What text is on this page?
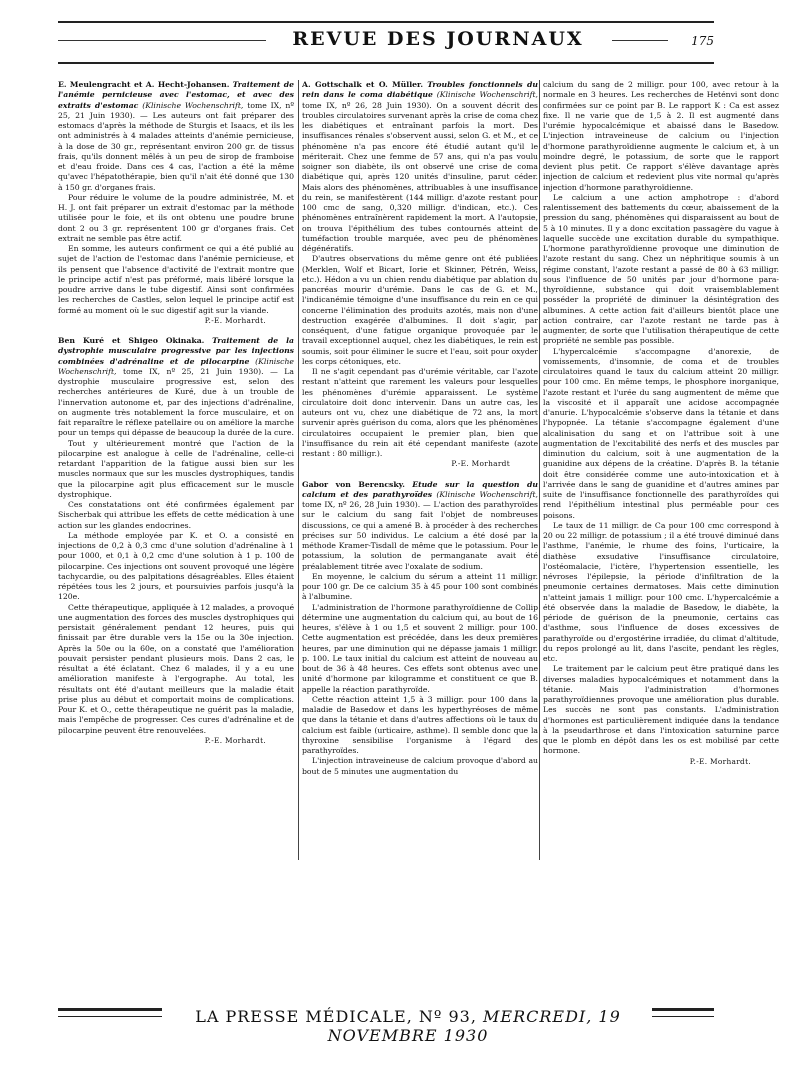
REVUE DES JOURNAUX	175

E. Meulengracht et A. Hecht-Johansen. Traitement de l'anémie pernicieuse avec l'estomac, et avec des extraits d'estomac (Klinische Wochenschrift, tome IX, nº 25, 21 Juin 1930). — Les auteurs ont fait préparer des estomacs d'après la méthode de Sturgis et Isaacs, et ils les ont administrés à 4 malades atteints d'anémie pernicieuse, à la dose de 30 gr., représentant environ 200 gr. de tissus frais, qu'ils donnent mêlés à un peu de sirop de framboise et d'eau froide. Dans ces 4 cas, l'action a été la même qu'avec l'hépatothérapie, bien qu'il n'ait été donné que 130 à 150 gr. d'organes frais.

Pour réduire le volume de la poudre administrée, M. et H. J. ont fait préparer un extrait d'estomac par la méthode utilisée pour le foie, et ils ont obtenu une poudre brune dont 2 ou 3 gr. représentent 100 gr d'organes frais. Cet extrait ne semble pas être actif.

En somme, les auteurs confirment ce qui a été publié au sujet de l'action de l'estomac dans l'anémie pernicieuse, et ils pensent que l'absence d'activité de l'extrait montre que le principe actif n'est pas préformé, mais libéré lorsque la poudre arrive dans le tube digestif. Ainsi sont confirmées les recherches de Castles, selon lequel le principe actif est formé au moment où le suc digestif agit sur la viande.

P.-E. Morhardt.

Ben Kuré et Shigeo Okinaka. Traitement de la dystrophie musculaire progressive par les injections combinées d'adrénaline et de pilocarpine (Klinische Wochenschrift, tome IX, nº 25, 21 Juin 1930). — La dystrophie musculaire progressive est, selon des recherches antérieures de Kuré, due à un trouble de l'innervation autonome et, par des injections d'adrénaline, on augmente très notablement la force musculaire, et on fait reparaître le réflexe patellaire ou on améliore la marche pour un temps qui dépasse de beaucoup la durée de la cure.

Tout y ultérieurement montré que l'action de la pilocarpine est analogue à celle de l'adrénaline, celle-ci retardant l'apparition de la fatigue aussi bien sur les muscles normaux que sur les muscles dystrophiques, tandis que la pilocarpine agit plus efficacement sur le muscle dystrophique.

Ces constatations ont été confirmées également par Sischerbak qui attribue les effets de cette médication à une action sur les glandes endocrines.

La méthode employée par K. et O. a consisté en injections de 0,2 à 0,3 cmc d'une solution d'adrénaline à 1 pour 1000, et 0,1 à 0,2 cmc d'une solution à 1 p. 100 de pilocarpine. Ces injections ont souvent provoqué une légère tachycardie, ou des palpitations désagréables. Elles étaient répétées tous les 2 jours, et poursuivies parfois jusqu'à la 120e.

Cette thérapeutique, appliquée à 12 malades, a provoqué une augmentation des forces des muscles dystrophiques qui persistait généralement pendant 12 heures, puis qui finissait par être durable vers la 15e ou la 30e injection. Après la 50e ou la 60e, on a constaté que l'amélioration pouvait persister pendant plusieurs mois. Dans 2 cas, le résultat a été éclatant. Chez 6 malades, il y a eu une amélioration manifeste à l'ergographe. Au total, les résultats ont été d'autant meilleurs que la maladie était prise plus au début et comportait moins de complications. Pour K. et O., cette thérapeutique ne guérit pas la maladie, mais l'empêche de progresser. Ces cures d'adrénaline et de pilocarpine peuvent être renouvelées.

P.-E. Morhardt.

A. Gottschalk et O. Müller. Troubles fonctionnels du rein dans le coma diabétique (Klinische Wochenschrift, tome IX, nº 26, 28 Juin 1930). On a souvent décrit des troubles circulatoires survenant après la crise de coma chez les diabétiques et entraînant parfois la mort. Des insuffisances rénales s'observent aussi, selon G. et M., et ce phénomène n'a pas encore été étudié autant qu'il le mériterait. Chez une femme de 57 ans, qui n'a pas voulu soigner son diabète, ils ont observé une crise de coma diabétique qui, après 120 unités d'insuline, parut céder. Mais alors des phénomènes, attribuables à une insuffisance du rein, se manifestèrent (144 milligr. d'azote restant pour 100 cmc de sang, 0,320 milligr. d'indican, etc.). Ces phénomènes entraînèrent rapidement la mort. A l'autopsie, on trouva l'épithélium des tubes contournés atteint de tuméfaction trouble marquée, avec peu de phénomènes dégénératifs.

D'autres observations du même genre ont été publiées (Merklen, Wolf et Bicart, Iorie et Skinner, Pétrén, Weiss, etc.). Hédon a vu un chien rendu diabétique par ablation du pancréas mourir d'urémie. Dans le cas de G. et M., l'indicanémie témoigne d'une insuffisance du rein en ce qui concerne l'élimination des produits azotés, mais non d'une destruction exagérée d'albumines. Il doit s'agir, par conséquent, d'une fatigue organique provoquée par le travail exceptionnel auquel, chez les diabétiques, le rein est soumis, soit pour éliminer le sucre et l'eau, soit pour oxyder les corps cétoniques, etc.

Il ne s'agit cependant pas d'urémie véritable, car l'azote restant n'atteint que rarement les valeurs pour lesquelles les phénomènes d'urémie apparaissent. Le système circulatoire doit donc intervenir. Dans un autre cas, les auteurs ont vu, chez une diabétique de 72 ans, la mort survenir après guérison du coma, alors que les phénomènes circulatoires occupaient le premier plan, bien que l'insuffisance du rein ait été cependant manifeste (azote restant : 80 milligr.).

P.-E. Morhardt

Gabor von Berencsky. Etude sur la question du calcium et des parathyroïdes (Klinische Wochenschrift, tome IX, nº 26, 28 Juin 1930). — L'action des parathyroïdes sur le calcium du sang fait l'objet de nombreuses discussions, ce qui a amené B. à procéder à des recherches précises sur 50 individus. Le calcium a été dosé par la méthode Kramer-Tisdall de même que le potassium. Pour le potassium, la solution de permanganate avait été préalablement titrée avec l'oxalate de sodium.

En moyenne, le calcium du sérum a atteint 11 milligr. pour 100 gr. De ce calcium 35 à 45 pour 100 sont combinés à l'albumine.

L'administration de l'hormone parathyroïdienne de Collip détermine une augmentation du calcium qui, au bout de 16 heures, s'élève à 1 ou 1,5 et souvent 2 milligr. pour 100. Cette augmentation est précédée, dans les deux premières heures, par une diminution qui ne dépasse jamais 1 milligr. p. 100. Le taux initial du calcium est atteint de nouveau au bout de 36 à 48 heures. Ces effets sont obtenus avec une unité d'hormone par kilogramme et constituent ce que B. appelle la réaction parathyroïde.

Cette réaction atteint 1,5 à 3 milligr. pour 100 dans la maladie de Basedow et dans les hyperthyréoses de même que dans la tétanie et dans d'autres affections où le taux du calcium est faible (urticaire, asthme). Il semble donc que la thyroxine sensibilise l'organisme à l'égard des parathyroïdes.

L'injection intraveineuse de calcium provoque d'abord au bout de 5 minutes une augmentation du

calcium du sang de 2 milligr. pour 100, avec retour à la normale en 3 heures. Les recherches de Heténvi sont donc confirmées sur ce point par B. Le rapport K : Ca est assez fixe. Il ne varie que de 1,5 à 2. Il est augmenté dans l'urémie hypocalcémique et abaissé dans le Basedow. L'injection intraveineuse de calcium ou l'injection d'hormone parathyroïdienne augmente le calcium et, à un moindre degré, le potassium, de sorte que le rapport devient plus petit. Ce rapport s'élève davantage après injection de calcium et redevient plus vite normal qu'après injection d'hormone parathyroïdienne.

Le calcium a une action amphotrope : d'abord ralentissement des battements du cœur, abaissement de la pression du sang, phénomènes qui disparaissent au bout de 5 à 10 minutes. Il y a donc excitation passagère du vague à laquelle succède une excitation durable du sympathique. L'hormone parathyroïdienne provoque une diminution de l'azote restant du sang. Chez un néphritique soumis à un régime constant, l'azote restant a passé de 80 à 63 milligr. sous l'influence de 50 unités par jour d'hormone para-thyroïdienne, substance qui doit vraisemblablement posséder la propriété de diminuer la désintégration des albumines. A cette action fait d'ailleurs bientôt place une action contraire, car l'azote restant ne tarde pas à augmenter, de sorte que l'utilisation thérapeutique de cette propriété ne semble pas possible.

L'hypercalcémie s'accompagne d'anorexie, de vomissements, d'insomnie, de coma et de troubles circulatoires quand le taux du calcium atteint 20 milligr. pour 100 cmc. En même temps, le phosphore inorganique, l'azote restant et l'urée du sang augmentent de même que la viscosité et il apparaît une acidose accompagnée d'anurie. L'hypocalcémie s'observe dans la tétanie et dans l'hypopnée. La tétanie s'accompagne également d'une alcalinisation du sang et on l'attribue soit à une augmentation de l'excitabilité des nerfs et des muscles par diminution du calcium, soit à une augmentation de la guanidine aux dépens de la créatine. D'après B. la tétanie doit être considérée comme une auto-intoxication et à l'arrivée dans le sang de guanidine et d'autres amines par suite de l'insuffisance fonctionnelle des parathyroïdes qui rend l'épithélium intestinal plus perméable pour ces poisons.

Le taux de 11 milligr. de Ca pour 100 cmc correspond à 20 ou 22 milligr. de potassium ; il a été trouvé diminué dans l'asthme, l'anémie, le rhume des foins, l'urticaire, la diathèse exsudative l'insuffisance circulatoire, l'ostéomalacie, l'ictère, l'hypertension essentielle, les névroses l'épilepsie, la période d'infiltration de la pneumonie certaines dermatoses. Mais cette diminution n'atteint jamais 1 milligr. pour 100 cmc. L'hypercalcémie a été observée dans la maladie de Basedow, le diabète, la période de guérison de la pneumonie, certains cas d'asthme, sous l'influence de doses excessives de parathyroïde ou d'ergostérine irradiée, du climat d'altitude, du repos prolongé au lit, dans l'ascite, pendant les règles, etc.

Le traitement par le calcium peut être pratiqué dans les diverses maladies hypocalcémiques et notamment dans la tétanie. Mais l'administration d'hormones parathyroïdiennes provoque une amélioration plus durable. Les succès ne sont pas constants. L'administration d'hormones est particulièrement indiquée dans la tendance à la pseudarthrose et dans l'intoxication saturnine parce que le plomb en dépôt dans les os est mobilisé par cette hormone.

P.-E. Morhardt.
LA PRESSE MÉDICALE, Nº 93, MERCREDI, 19 NOVEMBRE 1930
